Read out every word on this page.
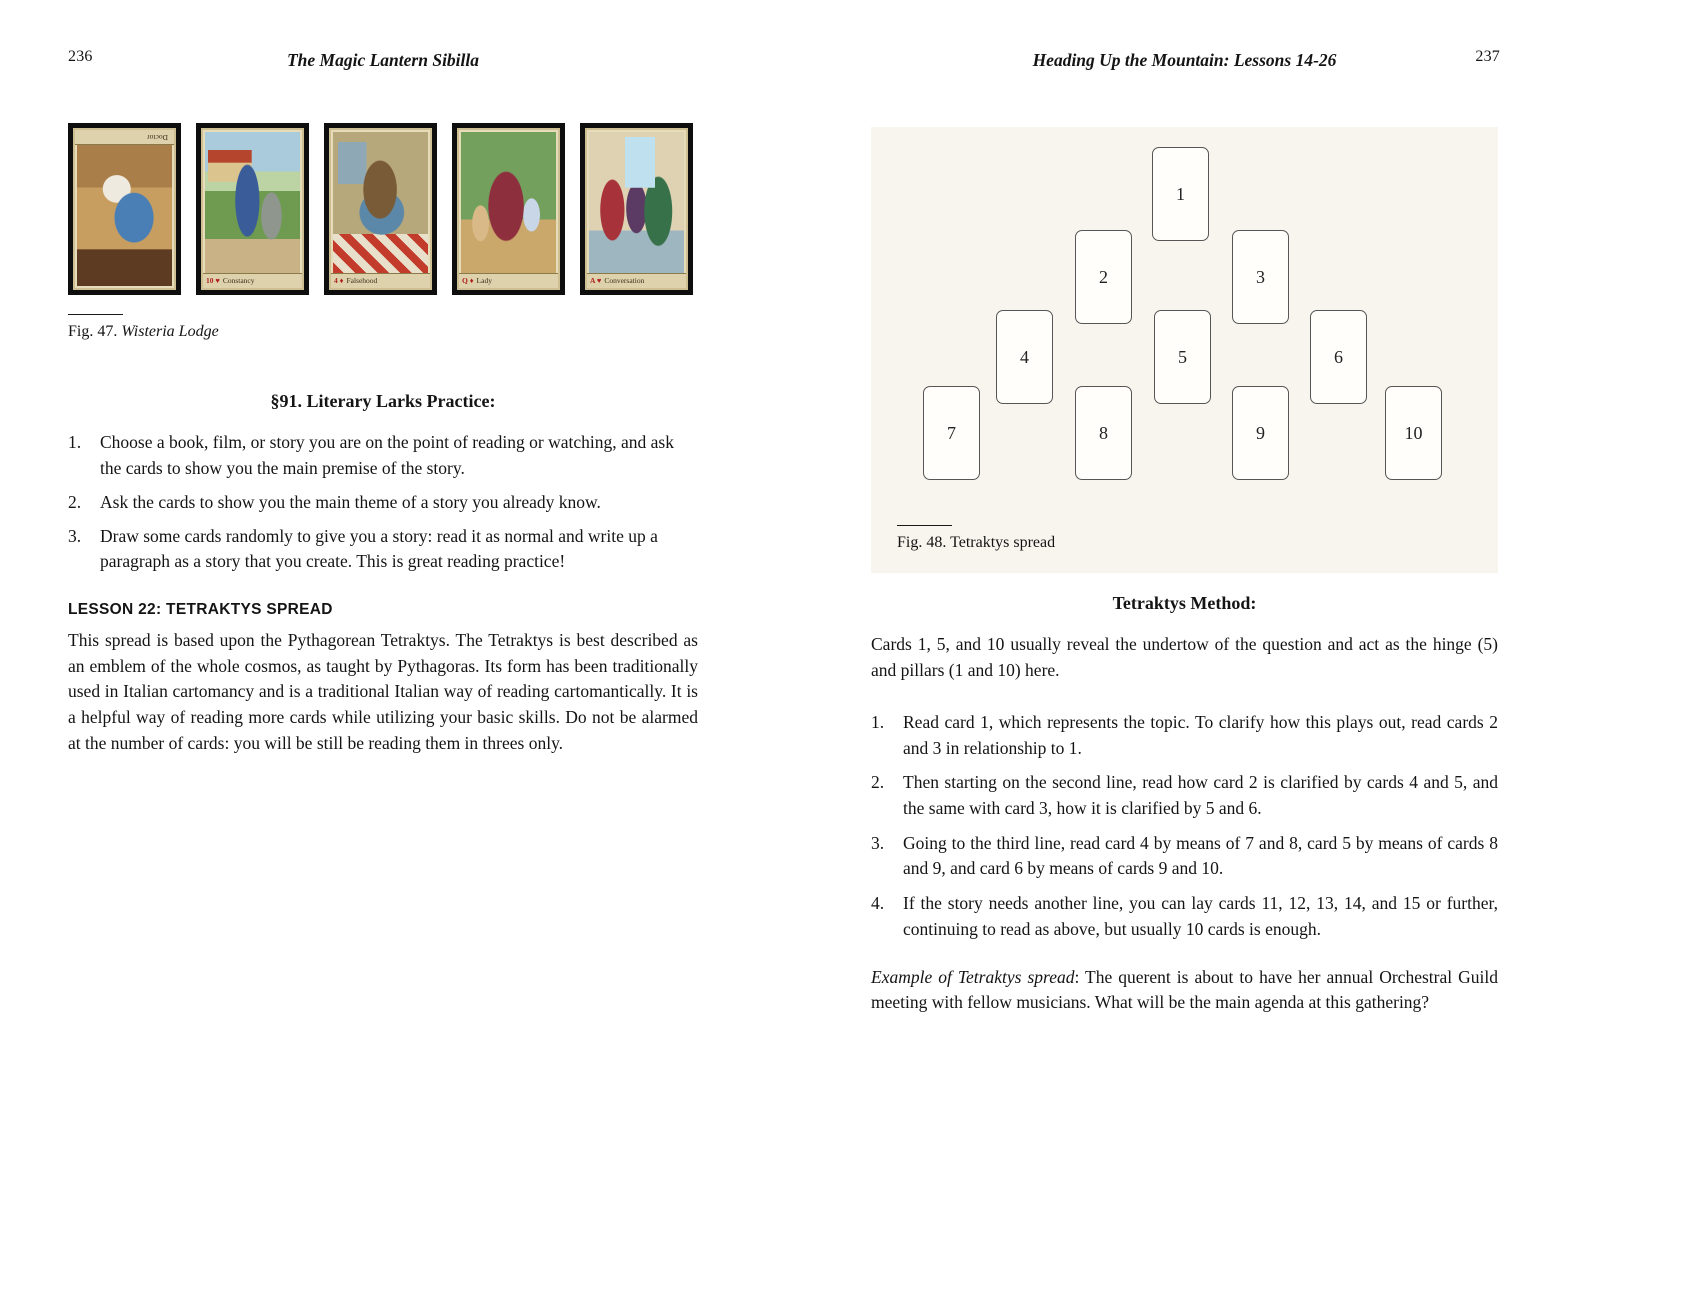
236	The Magic Lantern Sibilla	Heading Up the Mountain: Lessons 14-26	237
Doctor
10 ♥ Constancy	4 ♦ Falsehood	Q ♦ Lady	A ♥ Conversation
Fig. 47. Wisteria Lodge
§91. Literary Larks Practice:
1.	Choose a book, film, or story you are on the point of reading or watching, and ask the cards to show you the main premise of the story.
2.	Ask the cards to show you the main theme of a story you already know.
3.	Draw some cards randomly to give you a story: read it as normal and write up a paragraph as a story that you create. This is great reading practice!
LESSON 22: TETRAKTYS SPREAD

This spread is based upon the Pythagorean Tetraktys. The Tetraktys is best described as an emblem of the whole cosmos, as taught by Pythagoras. Its form has been traditionally used in Italian cartomancy and is a traditional Italian way of reading cartomantically. It is a helpful way of reading more cards while utilizing your basic skills. Do not be alarmed at the number of cards: you will be still be reading them in threes only.

1
2	3
4	5	6
7	8	9	10
Fig. 48. Tetraktys spread
Tetraktys Method:

Cards 1, 5, and 10 usually reveal the undertow of the question and act as the hinge (5) and pillars (1 and 10) here.

1.	Read card 1, which represents the topic. To clarify how this plays out, read cards 2 and 3 in relationship to 1.
2.	Then starting on the second line, read how card 2 is clarified by cards 4 and 5, and the same with card 3, how it is clarified by 5 and 6.
3.	Going to the third line, read card 4 by means of 7 and 8, card 5 by means of cards 8 and 9, and card 6 by means of cards 9 and 10.
4.	If the story needs another line, you can lay cards 11, 12, 13, 14, and 15 or further, continuing to read as above, but usually 10 cards is enough.

Example of Tetraktys spread: The querent is about to have her annual Orchestral Guild meeting with fellow musicians. What will be the main agenda at this gathering?
